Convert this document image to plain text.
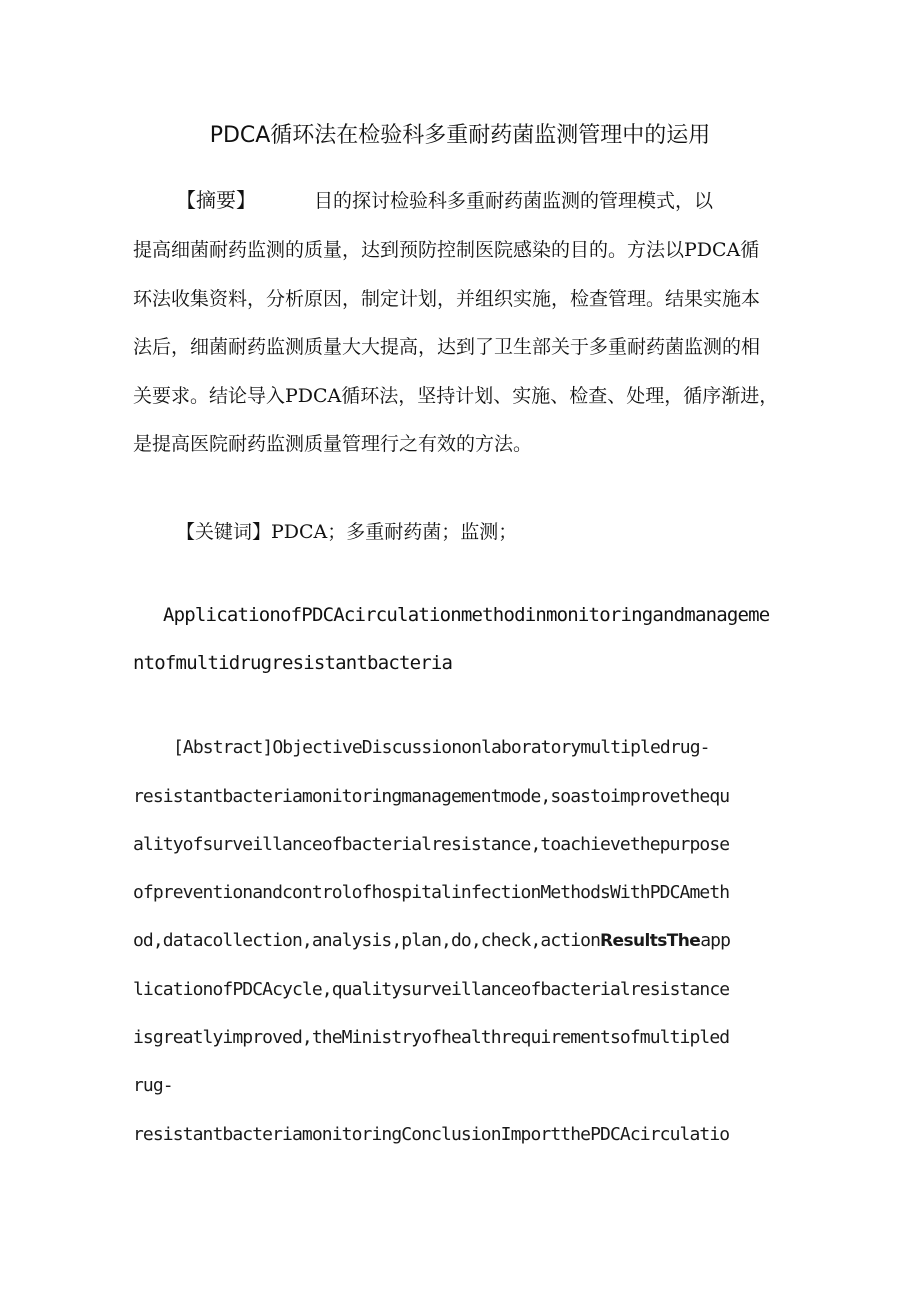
PDCA循环法在检验科多重耐药菌监测管理中的运用
【摘要】	目的探讨检验科多重耐药菌监测的管理模式，以
提高细菌耐药监测的质量，达到预防控制医院感染的目的。方法以PDCA循
环法收集资料，分析原因，制定计划，并组织实施，检查管理。结果实施本
法后，细菌耐药监测质量大大提高，达到了卫生部关于多重耐药菌监测的相
关要求。结论导入PDCA循环法，坚持计划、实施、检查、处理，循序渐进，
是提高医院耐药监测质量管理行之有效的方法。
【关键词】PDCA；多重耐药菌；监测；
ApplicationofPDCAcirculationmethodinmonitoringandmanageme
ntofmultidrugresistantbacteria
[Abstract]ObjectiveDiscussiononlaboratorymultipledrug-
resistantbacteriamonitoringmanagementmode,soastoimprovethequ
alityofsurveillanceofbacterialresistance,toachievethepurpose
ofpreventionandcontrolofhospitalinfectionMethodsWithPDCAmeth
od,datacollection,analysis,plan,do,check,actionResultsTheapp
licationofPDCAcycle,qualitysurveillanceofbacterialresistance
isgreatlyimproved,theMinistryofhealthrequirementsofmultipled
rug-
resistantbacteriamonitoringConclusionImportthePDCAcirculatio
